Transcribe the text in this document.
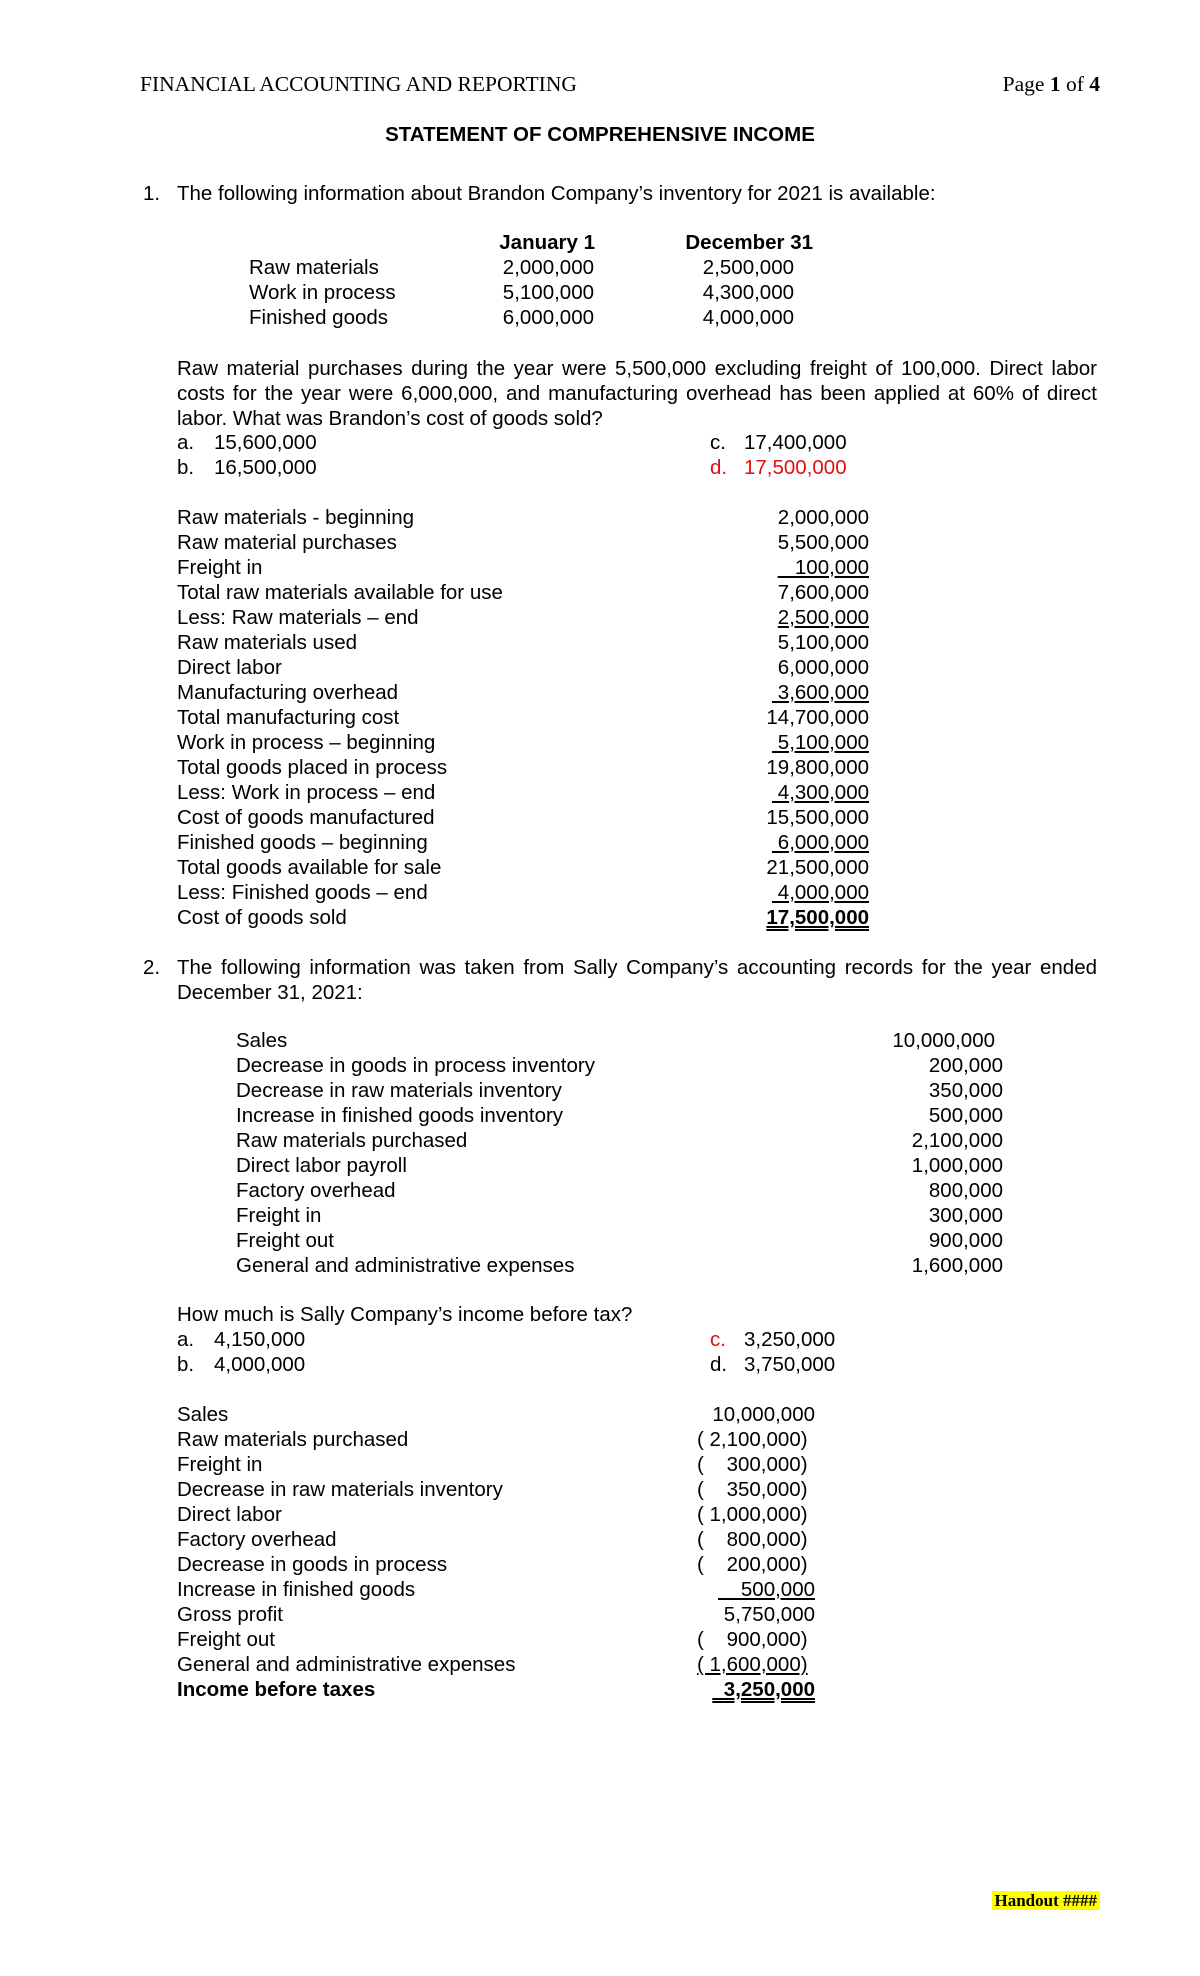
FINANCIAL ACCOUNTING AND REPORTING	Page 1 of 4
STATEMENT OF COMPREHENSIVE INCOME
1. The following information about Brandon Company’s inventory for 2021 is available:
January 1	December 31
Raw materials	2,000,000	2,500,000
Work in process	5,100,000	4,300,000
Finished goods	6,000,000	4,000,000
Raw material purchases during the year were 5,500,000 excluding freight of 100,000. Direct labor costs for the year were 6,000,000, and manufacturing overhead has been applied at 60% of direct labor. What was Brandon’s cost of goods sold?
a. 15,600,000
b. 16,500,000
c. 17,400,000
d. 17,500,000
Raw materials - beginning	2,000,000
Raw material purchases	5,500,000
Freight in	100,000
Total raw materials available for use	7,600,000
Less: Raw materials – end	2,500,000
Raw materials used	5,100,000
Direct labor	6,000,000
Manufacturing overhead	3,600,000
Total manufacturing cost	14,700,000
Work in process – beginning	5,100,000
Total goods placed in process	19,800,000
Less: Work in process – end	4,300,000
Cost of goods manufactured	15,500,000
Finished goods – beginning	6,000,000
Total goods available for sale	21,500,000
Less: Finished goods – end	4,000,000
Cost of goods sold	17,500,000
2. The following information was taken from Sally Company’s accounting records for the year ended December 31, 2021:
Sales	10,000,000
Decrease in goods in process inventory	200,000
Decrease in raw materials inventory	350,000
Increase in finished goods inventory	500,000
Raw materials purchased	2,100,000
Direct labor payroll	1,000,000
Factory overhead	800,000
Freight in	300,000
Freight out	900,000
General and administrative expenses	1,600,000
How much is Sally Company’s income before tax?
a. 4,150,000
b. 4,000,000
c. 3,250,000
d. 3,750,000
Sales	10,000,000
Raw materials purchased	( 2,100,000)
Freight in	(    300,000)
Decrease in raw materials inventory	(    350,000)
Direct labor	( 1,000,000)
Factory overhead	(    800,000)
Decrease in goods in process	(    200,000)
Increase in finished goods	500,000
Gross profit	5,750,000
Freight out	(    900,000)
General and administrative expenses	( 1,600,000)
Income before taxes	3,250,000
Handout ####
